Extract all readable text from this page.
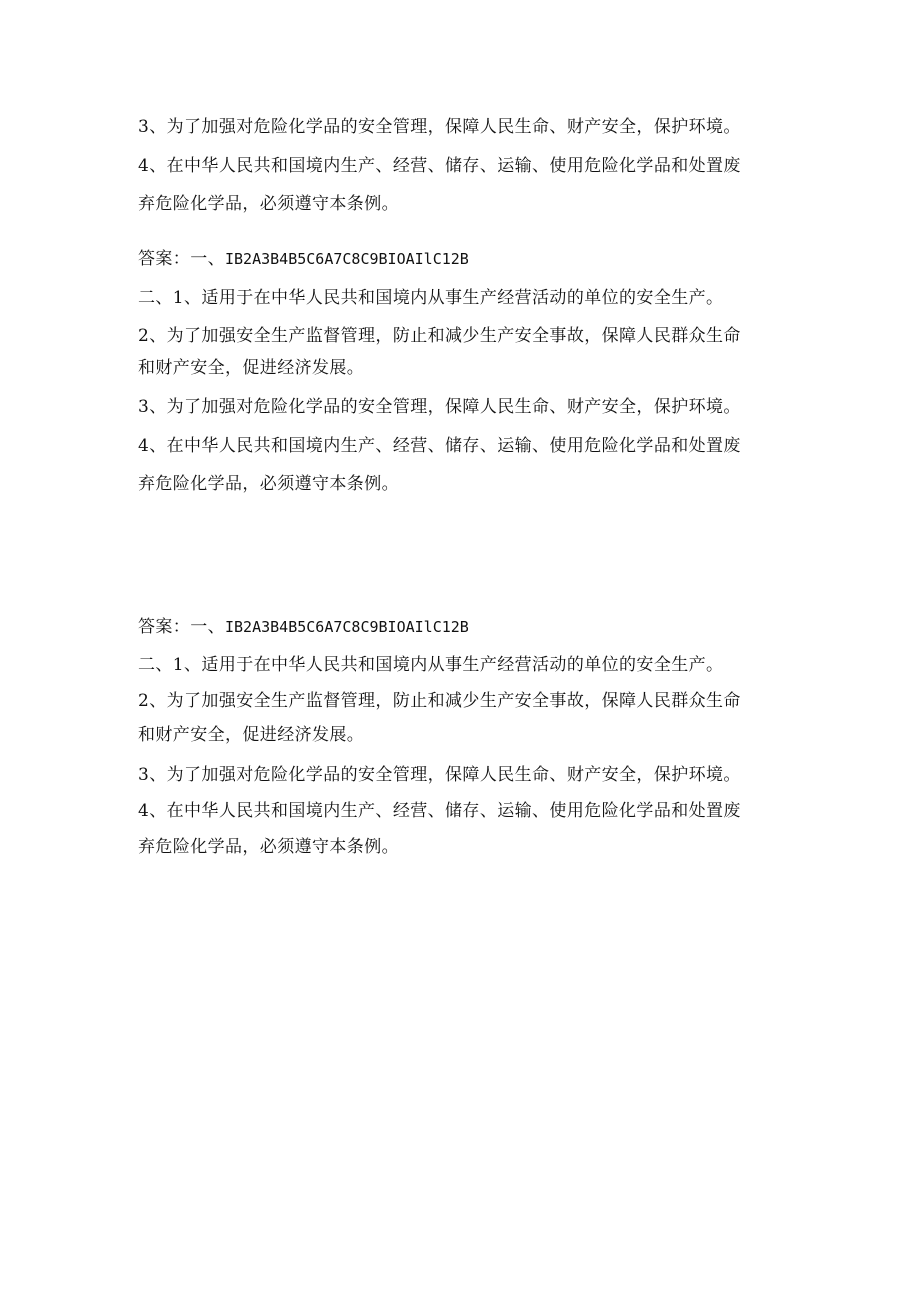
3、为了加强对危险化学品的安全管理，保障人民生命、财产安全，保护环境。
4、在中华人民共和国境内生产、经营、储存、运输、使用危险化学品和处置废
弃危险化学品，必须遵守本条例。
答案：一、IB2A3B4B5C6A7C8C9BIOAIlC12B
二、1、适用于在中华人民共和国境内从事生产经营活动的单位的安全生产。
2、为了加强安全生产监督管理，防止和减少生产安全事故，保障人民群众生命
和财产安全，促进经济发展。
3、为了加强对危险化学品的安全管理，保障人民生命、财产安全，保护环境。
4、在中华人民共和国境内生产、经营、储存、运输、使用危险化学品和处置废
弃危险化学品，必须遵守本条例。
答案：一、IB2A3B4B5C6A7C8C9BIOAIlC12B
二、1、适用于在中华人民共和国境内从事生产经营活动的单位的安全生产。
2、为了加强安全生产监督管理，防止和减少生产安全事故，保障人民群众生命
和财产安全，促进经济发展。
3、为了加强对危险化学品的安全管理，保障人民生命、财产安全，保护环境。
4、在中华人民共和国境内生产、经营、储存、运输、使用危险化学品和处置废
弃危险化学品，必须遵守本条例。
